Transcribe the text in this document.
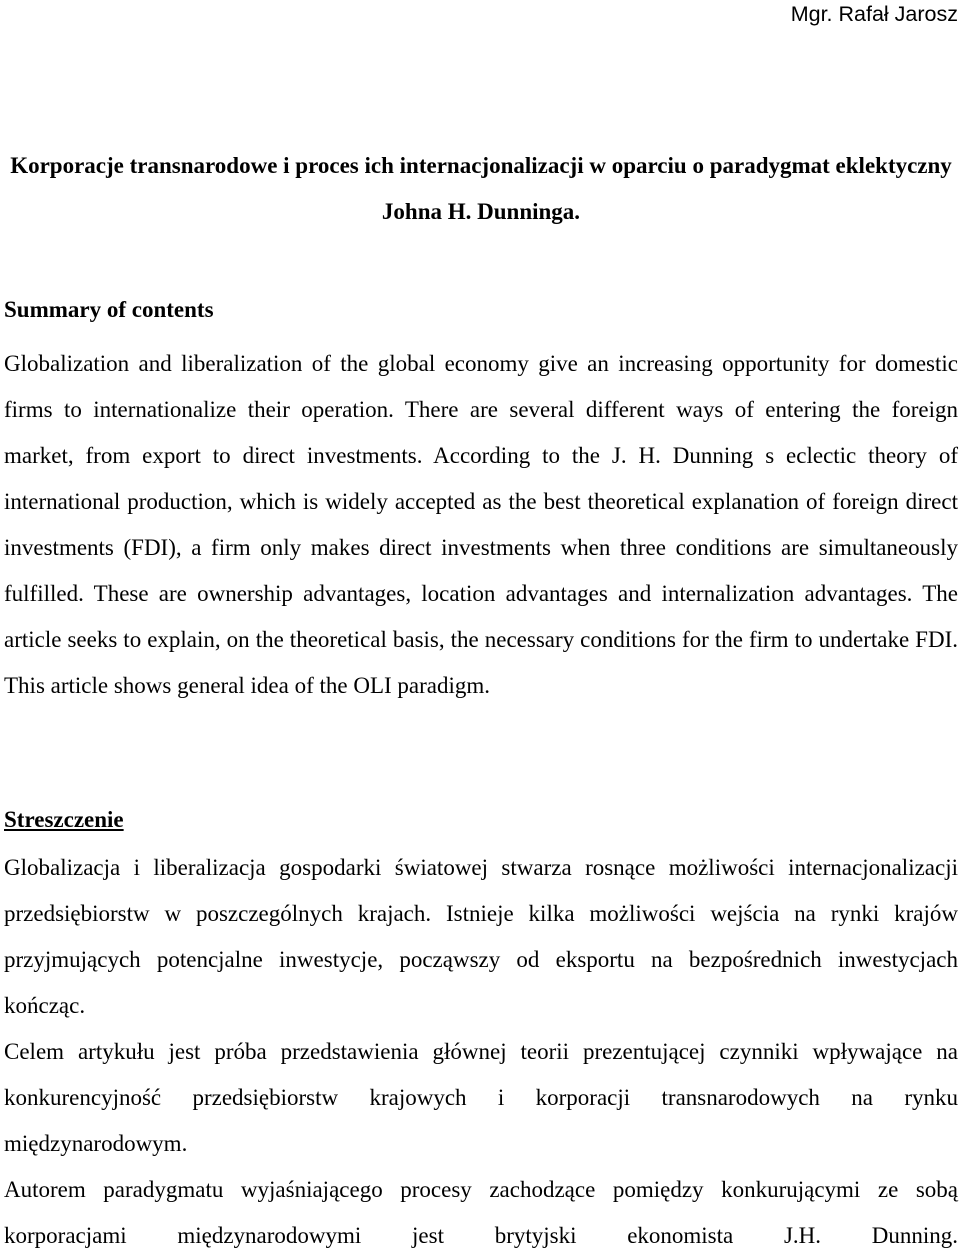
Mgr. Rafał Jarosz

Korporacje transnarodowe i proces ich internacjonalizacji w oparciu o paradygmat eklektyczny Johna H. Dunninga.
Summary of contents

Globalization and liberalization of the global economy give an increasing opportunity for domestic firms to internationalize their operation. There are several different ways of entering the foreign market, from export to direct investments. According to the J. H. Dunning s eclectic theory of international production, which is widely accepted as the best theoretical explanation of foreign direct investments (FDI), a firm only makes direct investments when three conditions are simultaneously fulfilled. These are ownership advantages, location advantages and internalization advantages. The article seeks to explain, on the theoretical basis, the necessary conditions for the firm to undertake FDI. This article shows general idea of the OLI paradigm.

Streszczenie

Globalizacja i liberalizacja gospodarki światowej stwarza rosnące możliwości internacjonalizacji przedsiębiorstw w poszczególnych krajach. Istnieje kilka możliwości wejścia na rynki krajów przyjmujących potencjalne inwestycje, począwszy od eksportu na bezpośrednich inwestycjach kończąc.

Celem artykułu jest próba przedstawienia głównej teorii prezentującej czynniki wpływające na konkurencyjność przedsiębiorstw krajowych i korporacji transnarodowych na rynku międzynarodowym.

Autorem paradygmatu wyjaśniającego procesy zachodzące pomiędzy konkurującymi ze sobą korporacjami międzynarodowymi jest brytyjski ekonomista J.H. Dunning.
